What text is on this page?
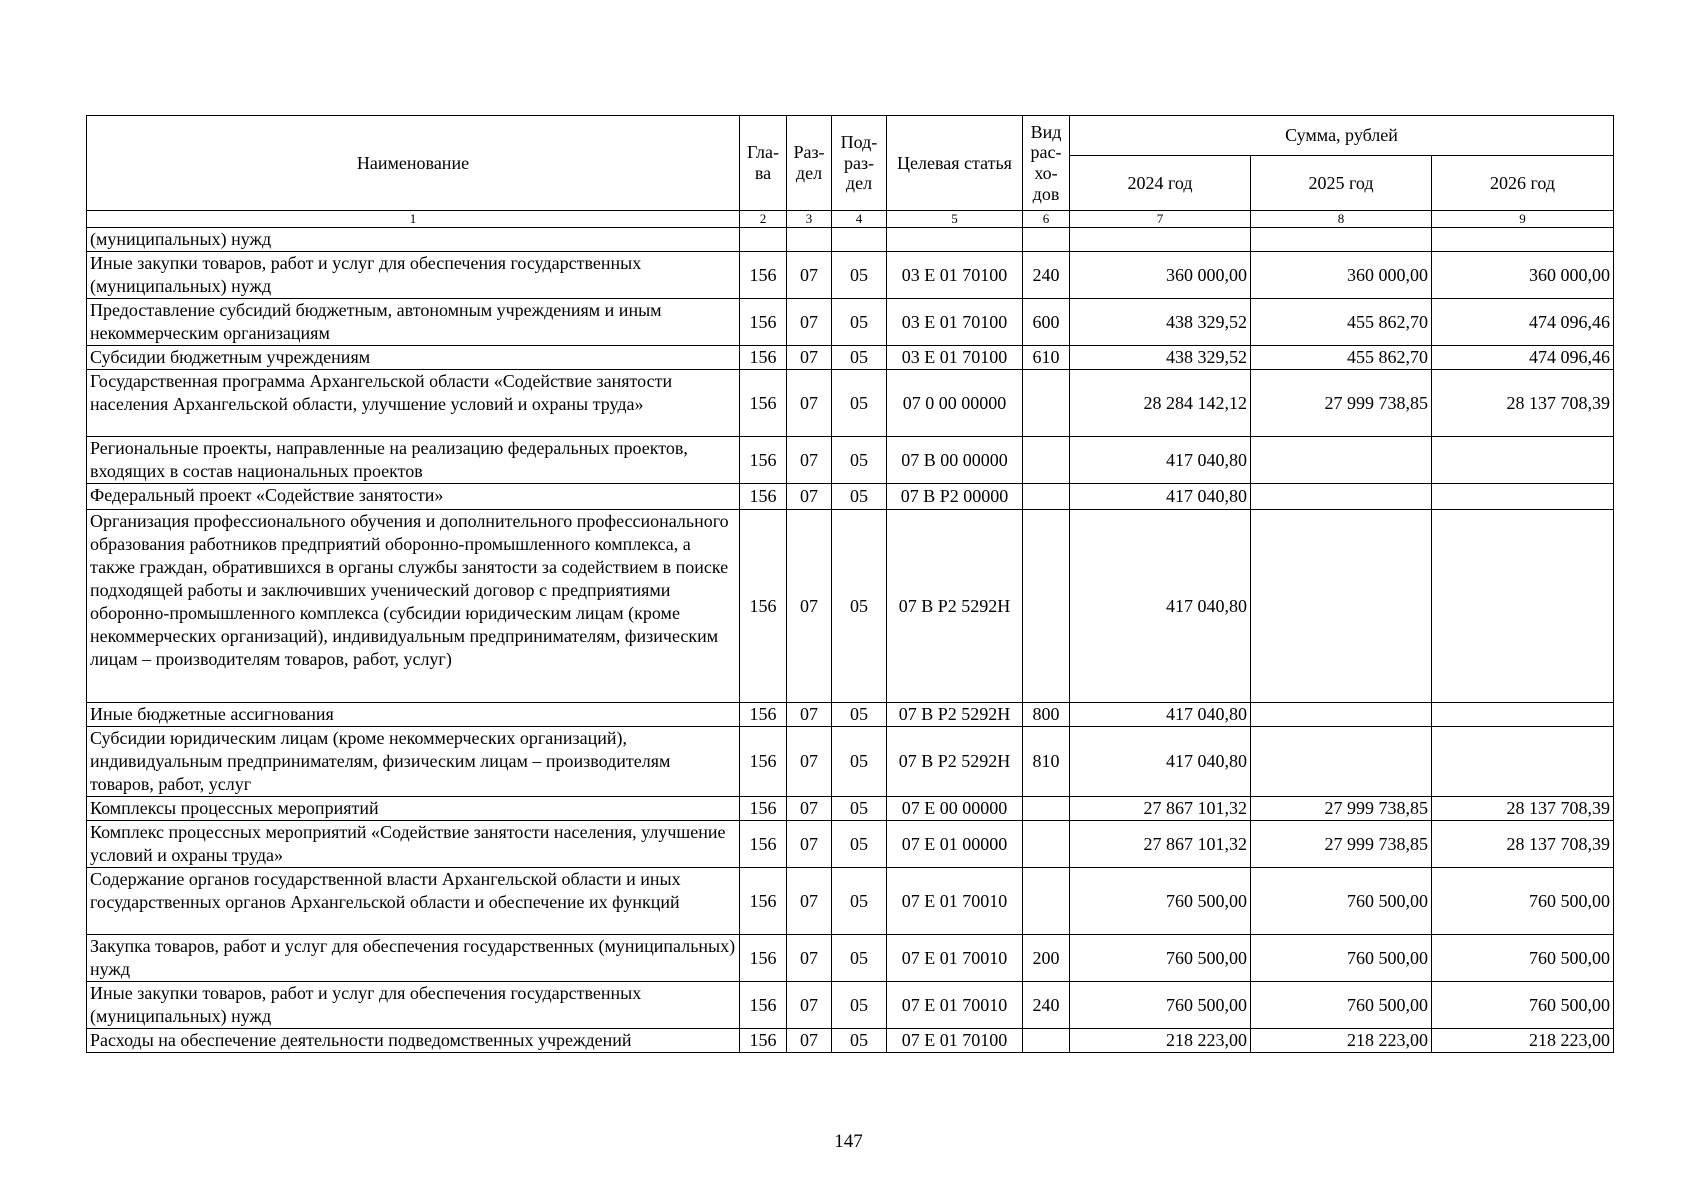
Наименование	Гла-ва	Раз-дел	Под-раз-дел	Целевая статья	Вид рас-хо-дов	Сумма, рублей		
						2024 год	2025 год	2026 год
1	2	3	4	5	6	7	8	9
(муниципальных) нужд								
Иные закупки товаров, работ и услуг для обеспечения государственных (муниципальных) нужд	156	07	05	03 Е 01 70100	240	360 000,00	360 000,00	360 000,00
Предоставление субсидий бюджетным, автономным учреждениям и иным некоммерческим организациям	156	07	05	03 Е 01 70100	600	438 329,52	455 862,70	474 096,46
Субсидии бюджетным учреждениям	156	07	05	03 Е 01 70100	610	438 329,52	455 862,70	474 096,46
Государственная программа Архангельской области «Содействие занятости населения Архангельской области, улучшение условий и охраны труда»	156	07	05	07 0 00 00000		28 284 142,12	27 999 738,85	28 137 708,39
Региональные проекты, направленные на реализацию федеральных проектов, входящих в состав национальных проектов	156	07	05	07 В 00 00000		417 040,80		
Федеральный проект «Содействие занятости»	156	07	05	07 В Р2 00000		417 040,80		
Организация профессионального обучения и дополнительного профессионального образования работников предприятий оборонно-промышленного комплекса, а также граждан, обратившихся в органы службы занятости за содействием в поиске подходящей работы и заключивших ученический договор с предприятиями оборонно-промышленного комплекса (субсидии юридическим лицам (кроме некоммерческих организаций), индивидуальным предпринимателям, физическим лицам – производителям товаров, работ, услуг)	156	07	05	07 В Р2 5292Н		417 040,80		
Иные бюджетные ассигнования	156	07	05	07 В Р2 5292Н	800	417 040,80		
Субсидии юридическим лицам (кроме некоммерческих организаций), индивидуальным предпринимателям, физическим лицам – производителям товаров, работ, услуг	156	07	05	07 В Р2 5292Н	810	417 040,80		
Комплексы процессных мероприятий	156	07	05	07 Е 00 00000		27 867 101,32	27 999 738,85	28 137 708,39
Комплекс процессных мероприятий «Содействие занятости населения, улучшение условий и охраны труда»	156	07	05	07 Е 01 00000		27 867 101,32	27 999 738,85	28 137 708,39
Содержание органов государственной власти Архангельской области и иных государственных органов Архангельской области и обеспечение их функций	156	07	05	07 Е 01 70010		760 500,00	760 500,00	760 500,00
Закупка товаров, работ и услуг для обеспечения государственных (муниципальных) нужд	156	07	05	07 Е 01 70010	200	760 500,00	760 500,00	760 500,00
Иные закупки товаров, работ и услуг для обеспечения государственных (муниципальных) нужд	156	07	05	07 Е 01 70010	240	760 500,00	760 500,00	760 500,00
Расходы на обеспечение деятельности подведомственных учреждений	156	07	05	07 Е 01 70100		218 223,00	218 223,00	218 223,00
147
